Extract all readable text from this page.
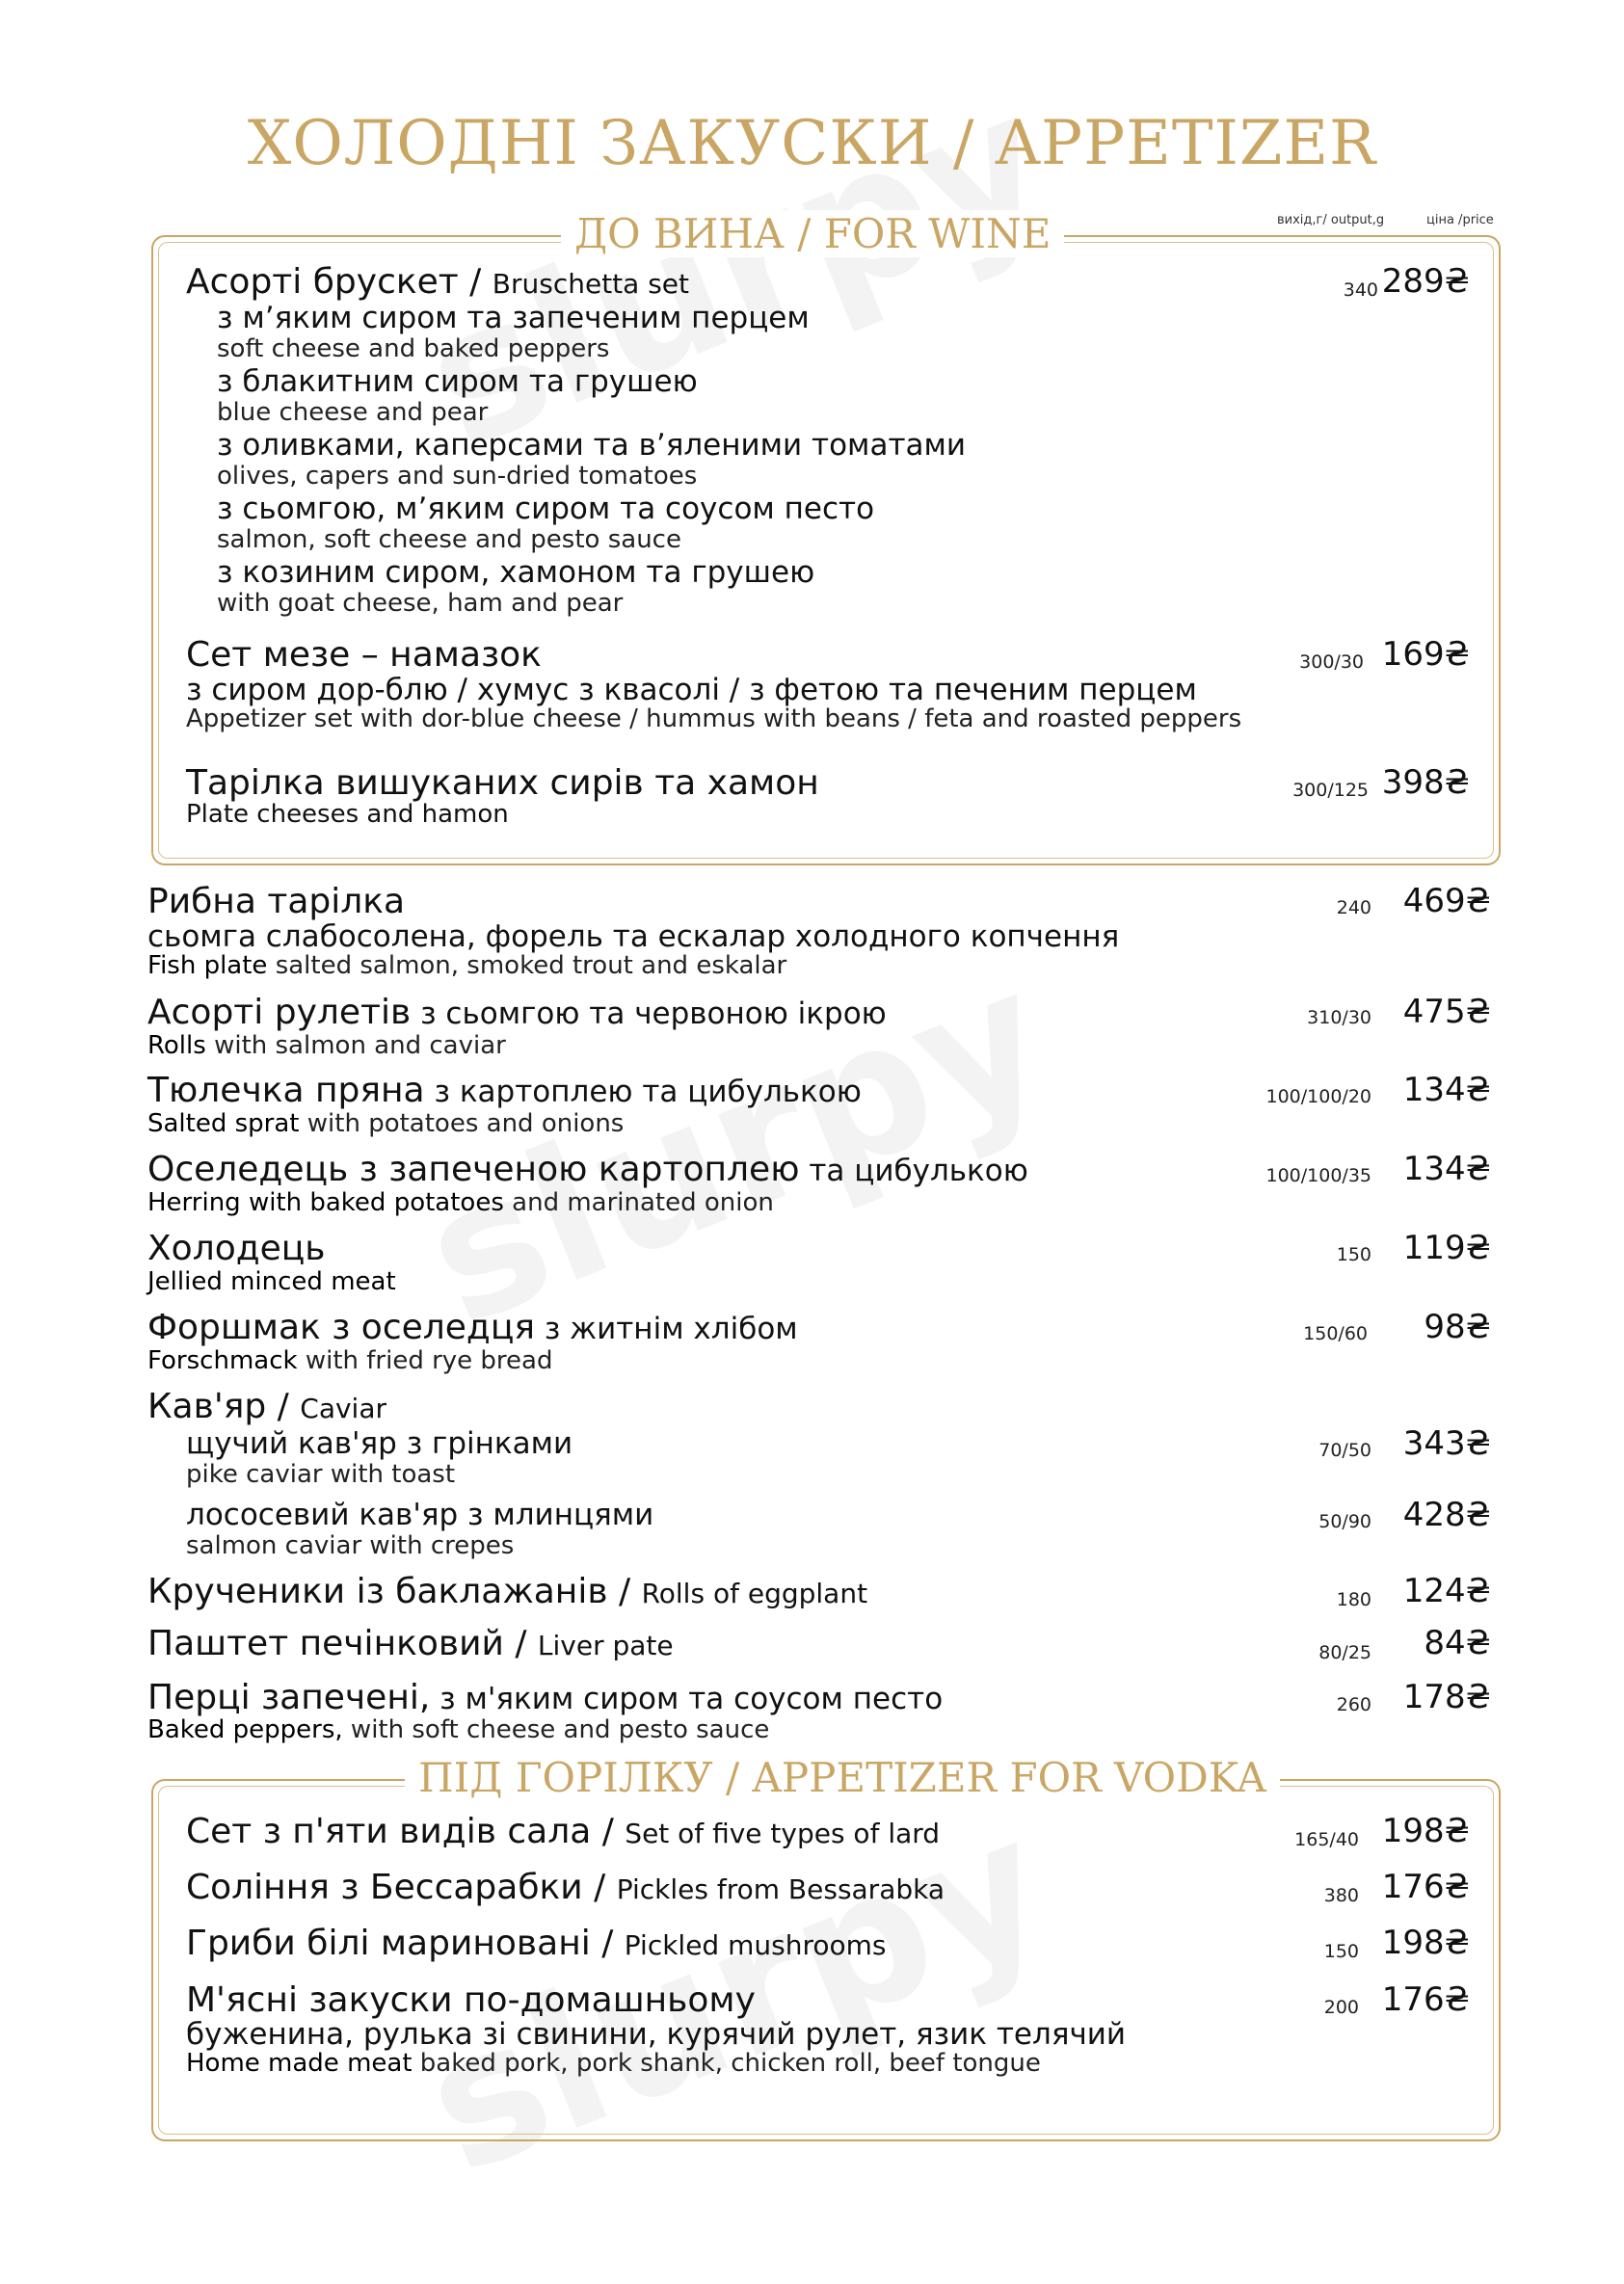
ХОЛОДНІ ЗАКУСКИ / APPETIZER
вихід,г/ output,g	ціна /price
ДО ВИНА / FOR WINE
Асорті брускет / Bruschetta set	340 289₴
з м’яким сиром та запеченим перцем
soft cheese and baked peppers
з блакитним сиром та грушею
blue cheese and pear
з оливками, каперсами та в’яленими томатами
olives, capers and sun-dried tomatoes
з сьомгою, м’яким сиром та соусом песто
salmon, soft cheese and pesto sauce
з козиним сиром, хамоном та грушею
with goat cheese, ham and pear
Сет мезе – намазок	300/30 169₴
з сиром дор-блю / хумус з квасолі / з фетою та печеним перцем
Appetizer set with dor-blue cheese / hummus with beans / feta and roasted peppers
Тарілка вишуканих сирів та хамон	300/125 398₴
Plate cheeses and hamon
Рибна тарілка	240 469₴
сьомга слабосолена, форель та ескалар холодного копчення
Fish plate salted salmon, smoked trout and eskalar
Асорті рулетів з сьомгою та червоною ікрою	310/30 475₴
Rolls with salmon and caviar
Тюлечка пряна з картоплею та цибулькою	100/100/20 134₴
Salted sprat with potatoes and onions
Оселедець з запеченою картоплею та цибулькою	100/100/35 134₴
Herring with baked potatoes and marinated onion
Холодець	150 119₴
Jellied minced meat
Форшмак з оселедця з житнім хлібом	150/60 98₴
Forschmack with fried rye bread
Кав'яр / Caviar
щучий кав'яр з грінками	70/50 343₴
pike caviar with toast
лососевий кав'яр з млинцями	50/90 428₴
salmon caviar with crepes
Крученики із баклажанів / Rolls of eggplant	180 124₴
Паштет печінковий / Liver pate	80/25 84₴
Перці запечені, з м'яким сиром та соусом песто	260 178₴
Baked peppers, with soft cheese and pesto sauce
ПІД ГОРІЛКУ / APPETIZER FOR VODKA
Сет з п'яти видів сала / Set of five types of lard	165/40 198₴
Соління з Бессарабки / Pickles from Bessarabka	380 176₴
Гриби білі мариновані / Pickled mushrooms	150 198₴
М'ясні закуски по-домашньому	200 176₴
буженина, рулька зі свинини, курячий рулет, язик телячий
Home made meat baked pork, pork shank, chicken roll, beef tongue
